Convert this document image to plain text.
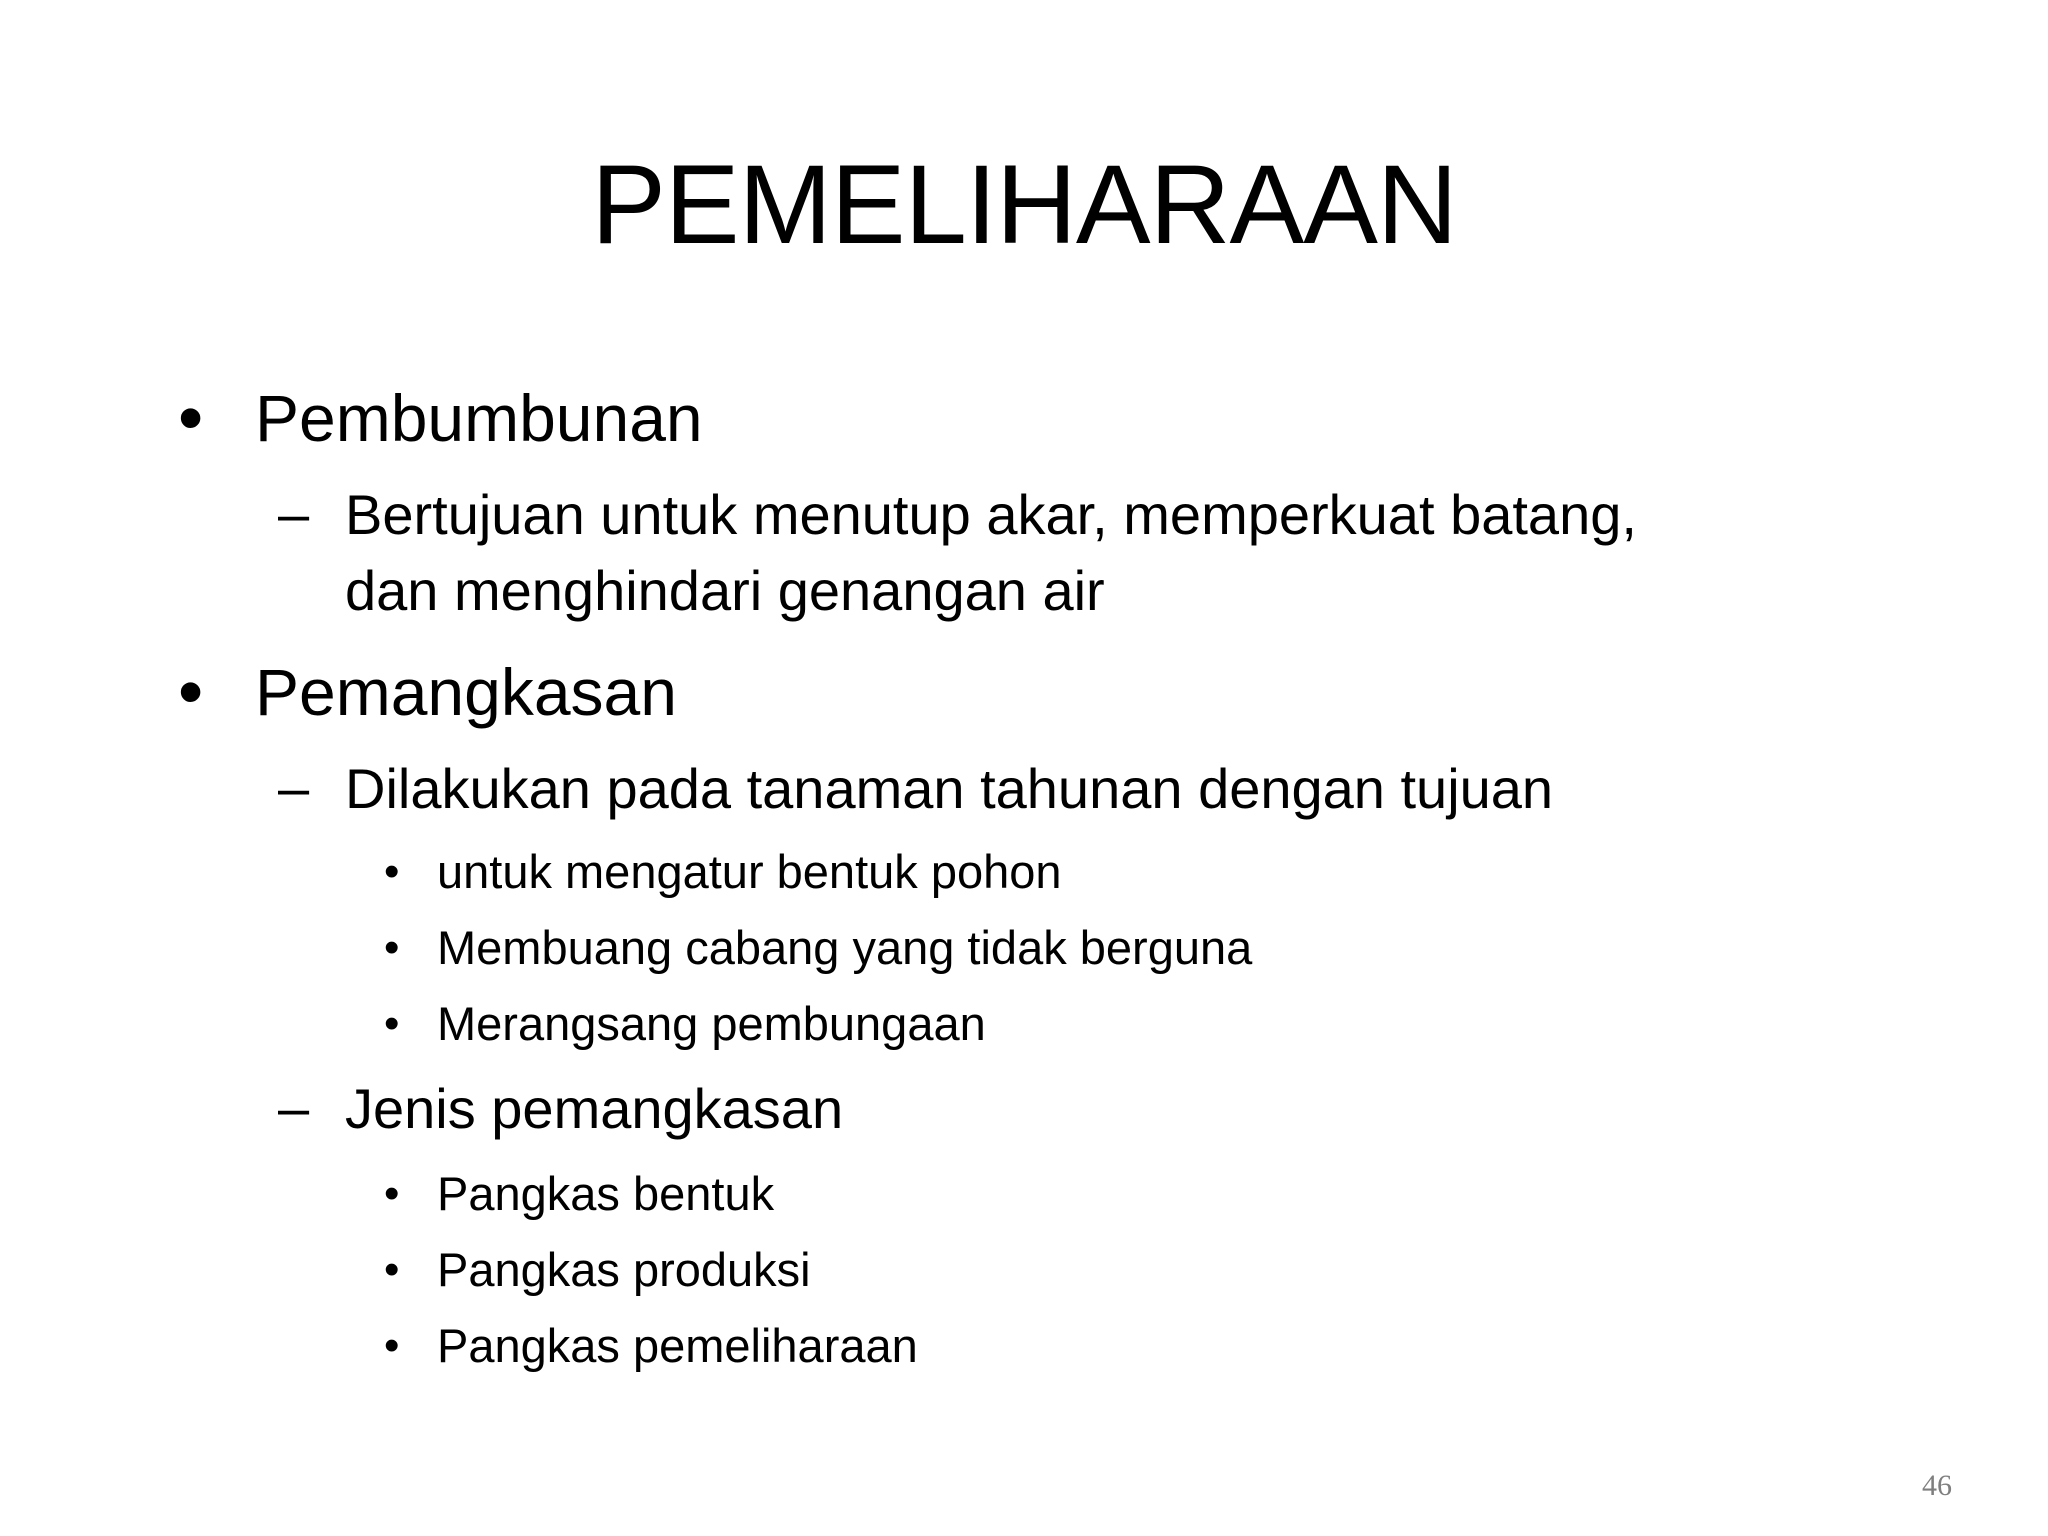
PEMELIHARAAN
• Pembumbunan
– Bertujuan untuk menutup akar, memperkuat batang,
dan menghindari genangan air
• Pemangkasan
– Dilakukan pada tanaman tahunan dengan tujuan
• untuk mengatur bentuk pohon
• Membuang cabang yang tidak berguna
• Merangsang pembungaan
– Jenis pemangkasan
• Pangkas bentuk
• Pangkas produksi
• Pangkas pemeliharaan
46
